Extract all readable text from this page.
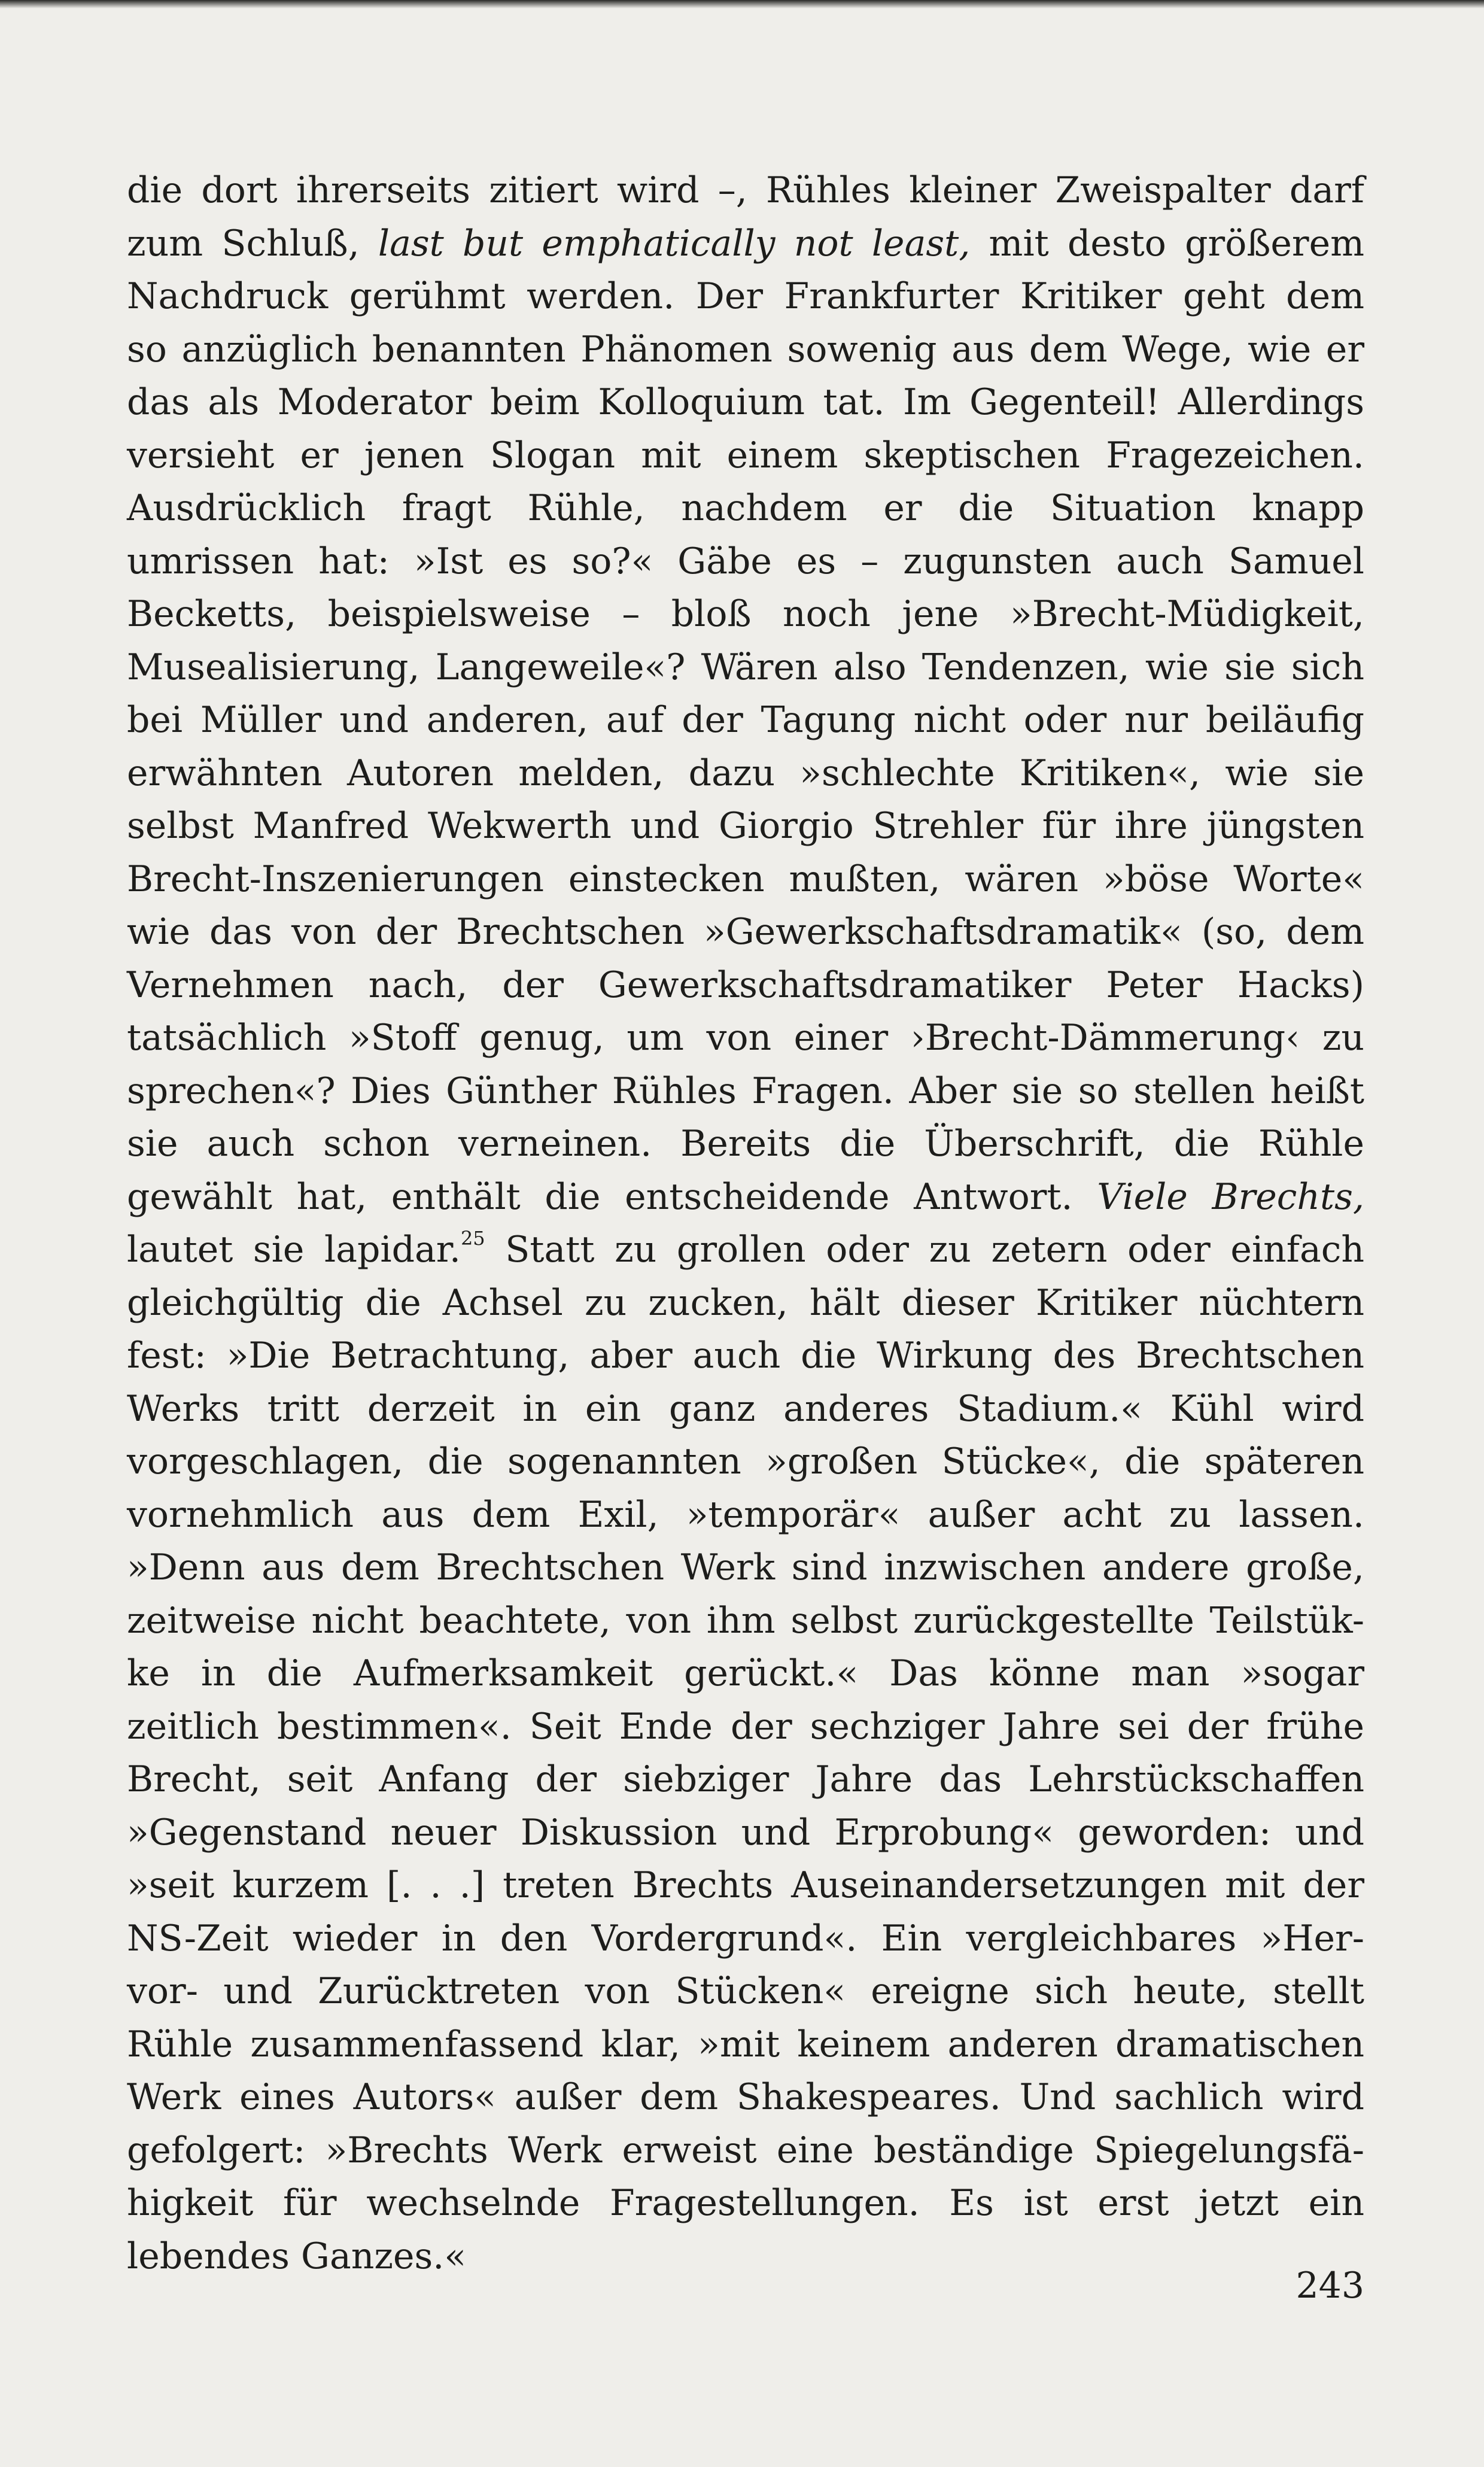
die dort ihrerseits zitiert wird –, Rühles kleiner Zweispalter darf
zum Schluß, last but emphatically not least, mit desto größerem
Nachdruck gerühmt werden. Der Frankfurter Kritiker geht dem
so anzüglich benannten Phänomen sowenig aus dem Wege, wie er
das als Moderator beim Kolloquium tat. Im Gegenteil! Allerdings
versieht er jenen Slogan mit einem skeptischen Fragezeichen.
Ausdrücklich fragt Rühle, nachdem er die Situation knapp
umrissen hat: »Ist es so?« Gäbe es – zugunsten auch Samuel
Becketts, beispielsweise – bloß noch jene »Brecht-Müdigkeit,
Musealisierung, Langeweile«? Wären also Tendenzen, wie sie sich
bei Müller und anderen, auf der Tagung nicht oder nur beiläufig
erwähnten Autoren melden, dazu »schlechte Kritiken«, wie sie
selbst Manfred Wekwerth und Giorgio Strehler für ihre jüngsten
Brecht-Inszenierungen einstecken mußten, wären »böse Worte«
wie das von der Brechtschen »Gewerkschaftsdramatik« (so, dem
Vernehmen nach, der Gewerkschaftsdramatiker Peter Hacks)
tatsächlich »Stoff genug, um von einer ›Brecht-Dämmerung‹ zu
sprechen«? Dies Günther Rühles Fragen. Aber sie so stellen heißt
sie auch schon verneinen. Bereits die Überschrift, die Rühle
gewählt hat, enthält die entscheidende Antwort. Viele Brechts,
lautet sie lapidar.$^{25}$ Statt zu grollen oder zu zetern oder einfach
gleichgültig die Achsel zu zucken, hält dieser Kritiker nüchtern
fest: »Die Betrachtung, aber auch die Wirkung des Brechtschen
Werks tritt derzeit in ein ganz anderes Stadium.« Kühl wird
vorgeschlagen, die sogenannten »großen Stücke«, die späteren
vornehmlich aus dem Exil, »temporär« außer acht zu lassen.
»Denn aus dem Brechtschen Werk sind inzwischen andere große,
zeitweise nicht beachtete, von ihm selbst zurückgestellte Teilstük-
ke in die Aufmerksamkeit gerückt.« Das könne man »sogar
zeitlich bestimmen«. Seit Ende der sechziger Jahre sei der frühe
Brecht, seit Anfang der siebziger Jahre das Lehrstückschaffen
»Gegenstand neuer Diskussion und Erprobung« geworden: und
»seit kurzem [. . .] treten Brechts Auseinandersetzungen mit der
NS-Zeit wieder in den Vordergrund«. Ein vergleichbares »Her-
vor- und Zurücktreten von Stücken« ereigne sich heute, stellt
Rühle zusammenfassend klar, »mit keinem anderen dramatischen
Werk eines Autors« außer dem Shakespeares. Und sachlich wird
gefolgert: »Brechts Werk erweist eine beständige Spiegelungsfä-
higkeit für wechselnde Fragestellungen. Es ist erst jetzt ein
lebendes Ganzes.«
243
